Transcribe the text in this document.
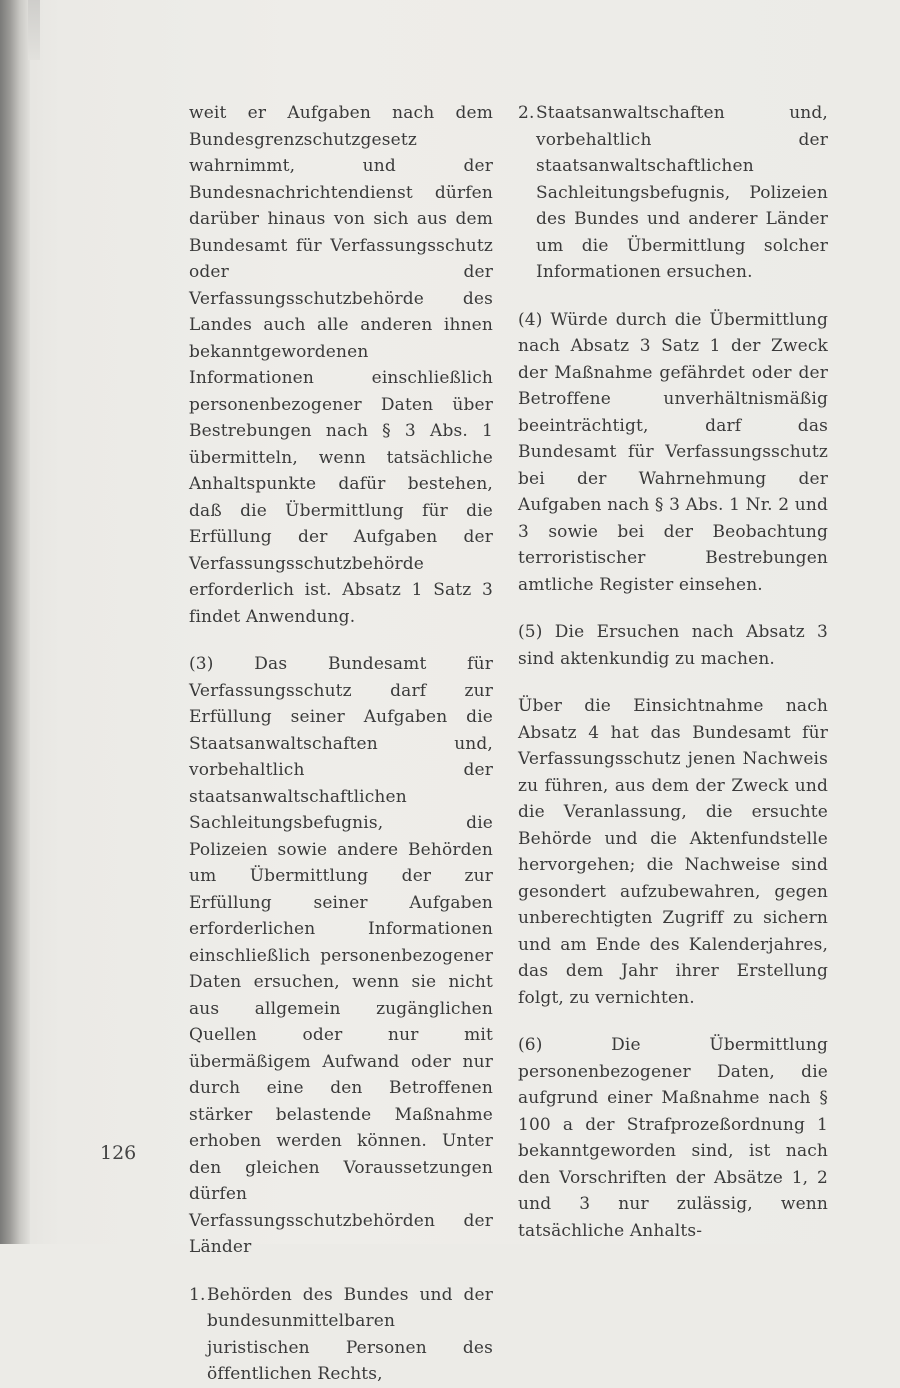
weit er Aufgaben nach dem Bundesgrenzschutzgesetz wahrnimmt, und der Bundesnachrichtendienst dürfen darüber hinaus von sich aus dem Bundesamt für Verfassungsschutz oder der Verfassungsschutzbehörde des Landes auch alle anderen ihnen bekanntgewordenen Informationen einschließlich personenbezogener Daten über Bestrebungen nach § 3 Abs. 1 übermitteln, wenn tatsächliche Anhaltspunkte dafür bestehen, daß die Übermittlung für die Erfüllung der Aufgaben der Verfassungsschutzbehörde erforderlich ist. Absatz 1 Satz 3 findet Anwendung.

(3) Das Bundesamt für Verfassungsschutz darf zur Erfüllung seiner Aufgaben die Staatsanwaltschaften und, vorbehaltlich der staatsanwaltschaftlichen Sachleitungsbefugnis, die Polizeien sowie andere Behörden um Übermittlung der zur Erfüllung seiner Aufgaben erforderlichen Informationen einschließlich personenbezogener Daten ersuchen, wenn sie nicht aus allgemein zugänglichen Quellen oder nur mit übermäßigem Aufwand oder nur durch eine den Betroffenen stärker belastende Maßnahme erhoben werden können. Unter den gleichen Voraussetzungen dürfen Verfassungsschutzbehörden der Länder

1. Behörden des Bundes und der bundesunmittelbaren juristischen Personen des öffentlichen Rechts,
2. Staatsanwaltschaften und, vorbehaltlich der staatsanwaltschaftlichen Sachleitungsbefugnis, Polizeien des Bundes und anderer Länder um die Übermittlung solcher Informationen ersuchen.

(4) Würde durch die Übermittlung nach Absatz 3 Satz 1 der Zweck der Maßnahme gefährdet oder der Betroffene unverhältnismäßig beeinträchtigt, darf das Bundesamt für Verfassungsschutz bei der Wahrnehmung der Aufgaben nach § 3 Abs. 1 Nr. 2 und 3 sowie bei der Beobachtung terroristischer Bestrebungen amtliche Register einsehen.

(5) Die Ersuchen nach Absatz 3 sind aktenkundig zu machen.

Über die Einsichtnahme nach Absatz 4 hat das Bundesamt für Verfassungsschutz jenen Nachweis zu führen, aus dem der Zweck und die Veranlassung, die ersuchte Behörde und die Aktenfundstelle hervorgehen; die Nachweise sind gesondert aufzubewahren, gegen unberechtigten Zugriff zu sichern und am Ende des Kalenderjahres, das dem Jahr ihrer Erstellung folgt, zu vernichten.

(6) Die Übermittlung personenbezogener Daten, die aufgrund einer Maßnahme nach § 100 a der Strafprozeßordnung 1 bekanntgeworden sind, ist nach den Vorschriften der Absätze 1, 2 und 3 nur zulässig, wenn tatsächliche Anhalts-

126
